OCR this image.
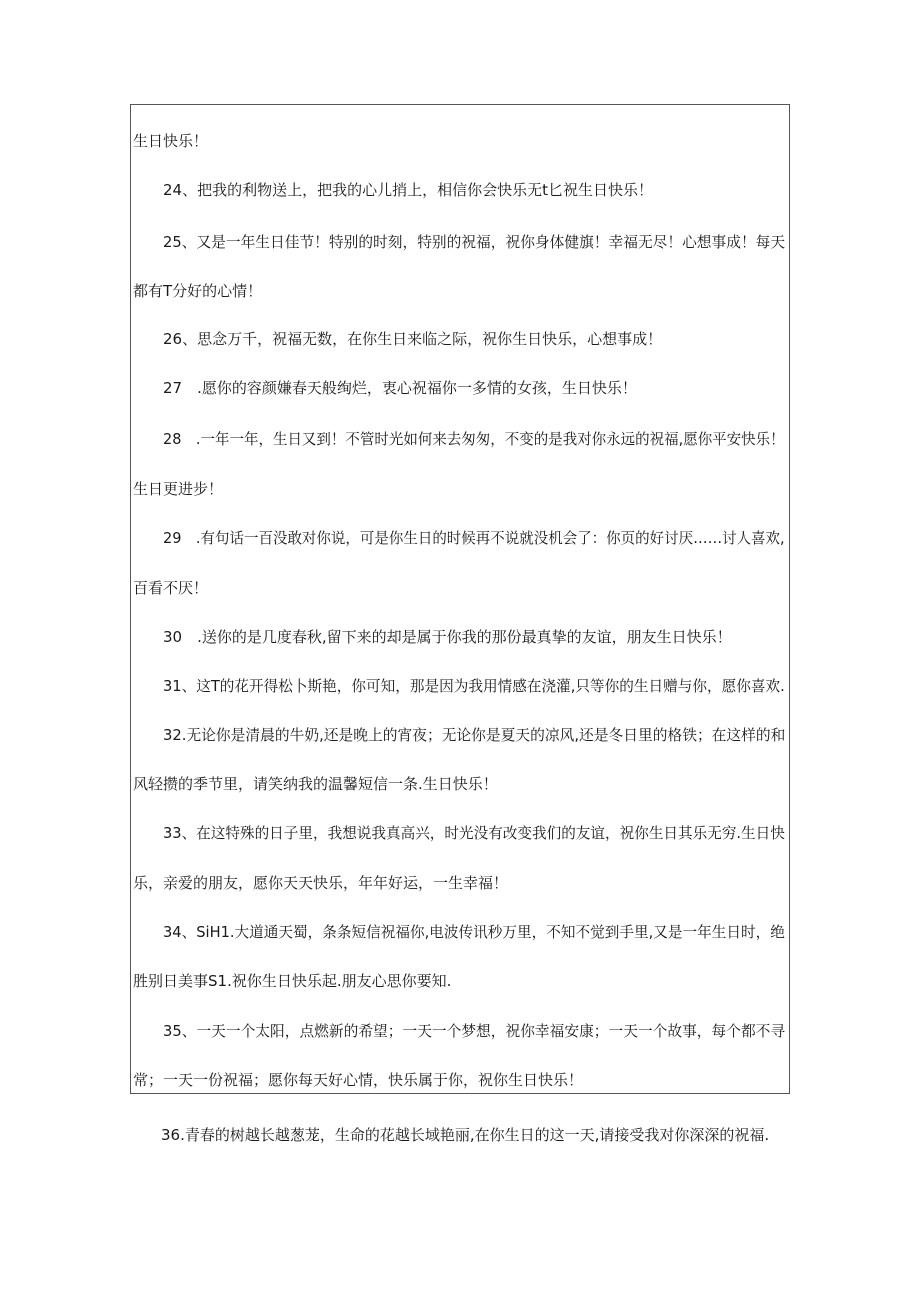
生日快乐！
24、把我的利物送上，把我的心儿捎上，相信你会快乐无t匕祝生日快乐！
25、又是一年生日佳节！特别的时刻，特别的祝福，祝你身体健旗！幸福无尽！心想事成！每天
都有T分好的心情！
26、思念万千，祝福无数，在你生日来临之际，祝你生日快乐，心想事成！
27　.愿你的容颜嫌春天般绚烂，衷心祝福你一多情的女孩，生日快乐！
28　.一年一年，生日又到！不管时光如何来去匆匆，不变的是我对你永远的祝福,愿你平安快乐！
生日更进步！
29　.有句话一百没敢对你说，可是你生日的时候再不说就没机会了：你页的好讨厌……讨人喜欢,
百看不厌！
30　.送你的是几度春秋,留下来的却是属于你我的那份最真挚的友谊，朋友生日快乐！
31、这T的花开得松卜斯艳，你可知，那是因为我用情感在浇灌,只等你的生日赠与你，愿你喜欢.
32.无论你是清晨的牛奶,还是晚上的宵夜；无论你是夏天的凉风,还是冬日里的格铁；在这样的和
风轻攒的季节里，请笑纳我的温馨短信一条.生日快乐！
33、在这特殊的日子里，我想说我真高兴，时光没有改变我们的友谊，祝你生日其乐无穷.生日快
乐，亲爱的朋友，愿你天天快乐，年年好运，一生幸福！
34、SiH1.大道通天蜀，条条短信祝福你,电波传讯秒万里，不知不觉到手里,又是一年生日时，绝
胜别日美事S1.祝你生日快乐起.朋友心思你要知.
35、一天一个太阳，点燃新的希望；一天一个梦想，祝你幸福安康；一天一个故事，每个都不寻
常；一天一份祝福；愿你每天好心情，快乐属于你，祝你生日快乐！
36.青春的树越长越葱茏，生命的花越长域艳丽,在你生日的这一天,请接受我对你深深的祝福.
